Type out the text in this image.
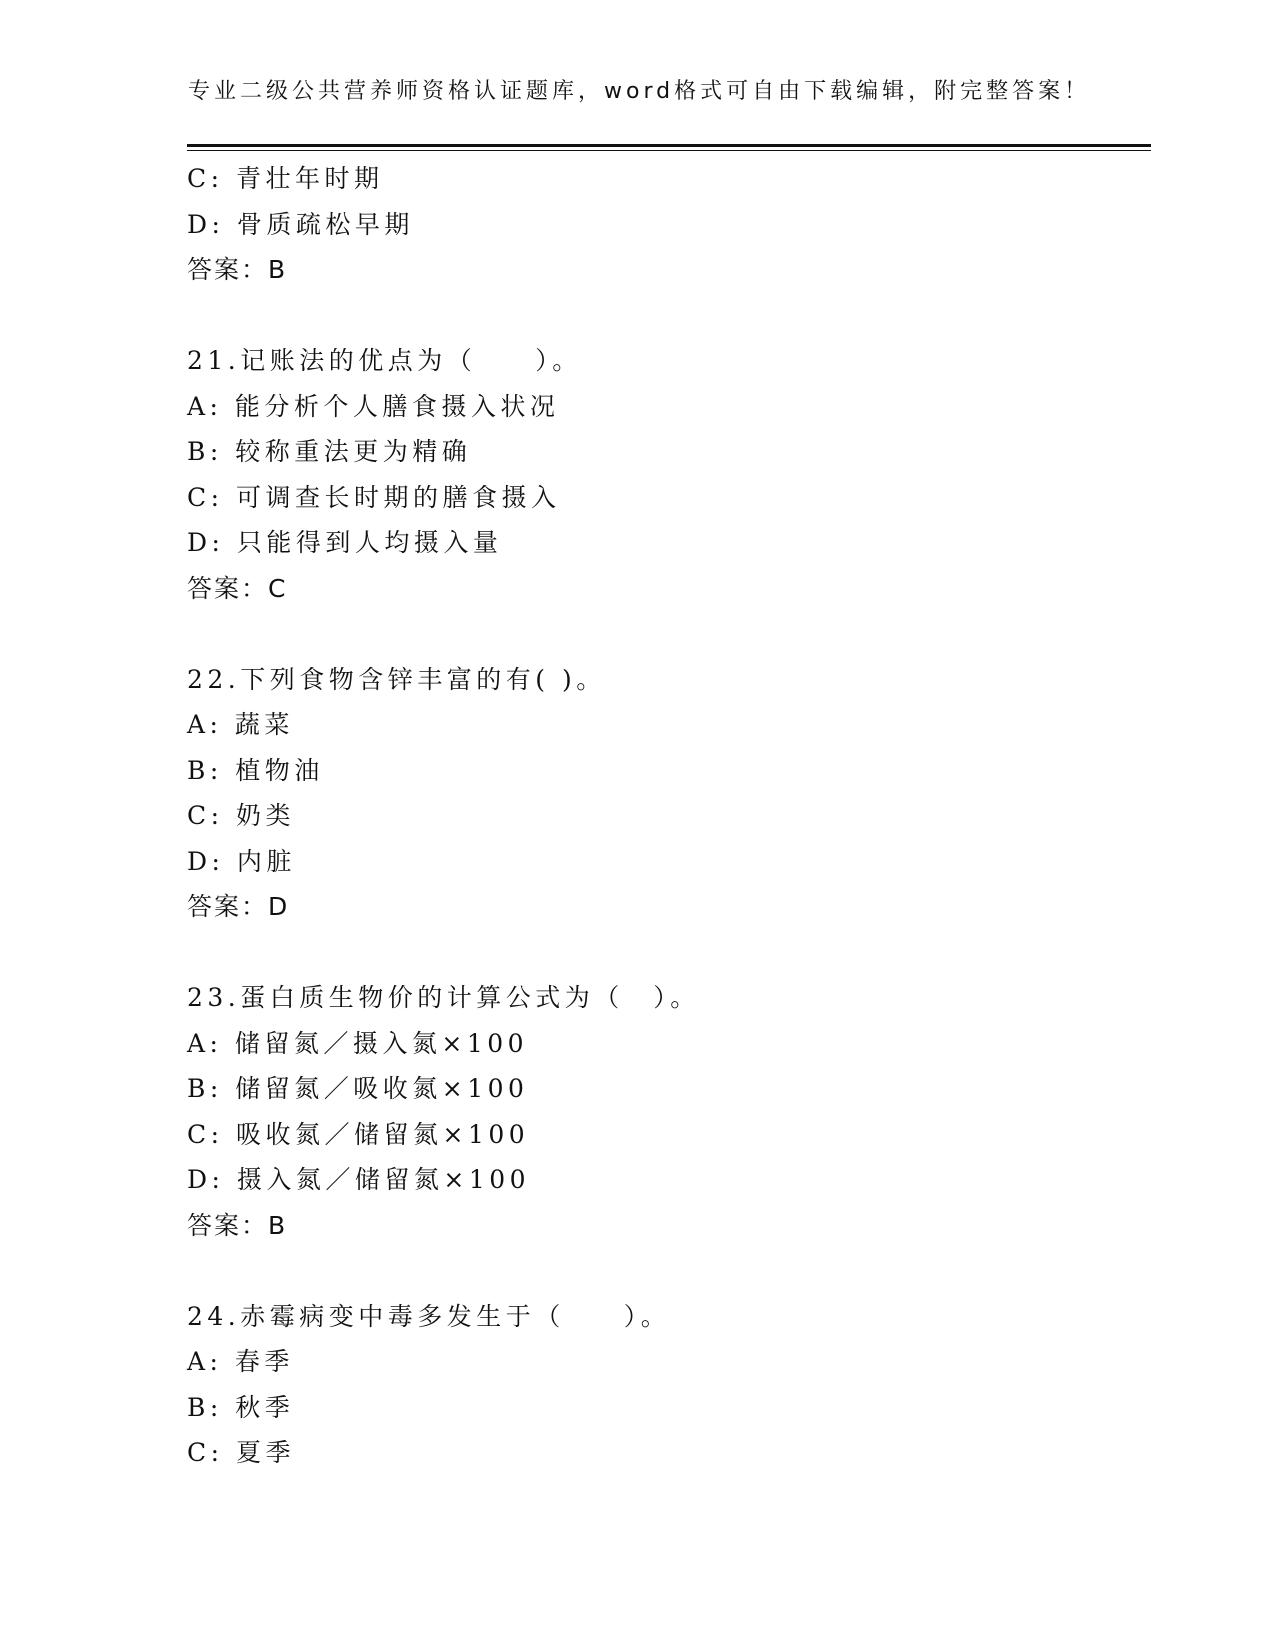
专业二级公共营养师资格认证题库，word格式可自由下载编辑，附完整答案！
C: 青壮年时期
D: 骨质疏松早期
答案：B
21.记账法的优点为（　　）。
A: 能分析个人膳食摄入状况
B: 较称重法更为精确
C: 可调查长时期的膳食摄入
D: 只能得到人均摄入量
答案：C
22.下列食物含锌丰富的有( )。
A: 蔬菜
B: 植物油
C: 奶类
D: 内脏
答案：D
23.蛋白质生物价的计算公式为（　）。
A: 储留氮／摄入氮×100
B: 储留氮／吸收氮×100
C: 吸收氮／储留氮×100
D: 摄入氮／储留氮×100
答案：B
24.赤霉病变中毒多发生于（　　）。
A: 春季
B: 秋季
C: 夏季
